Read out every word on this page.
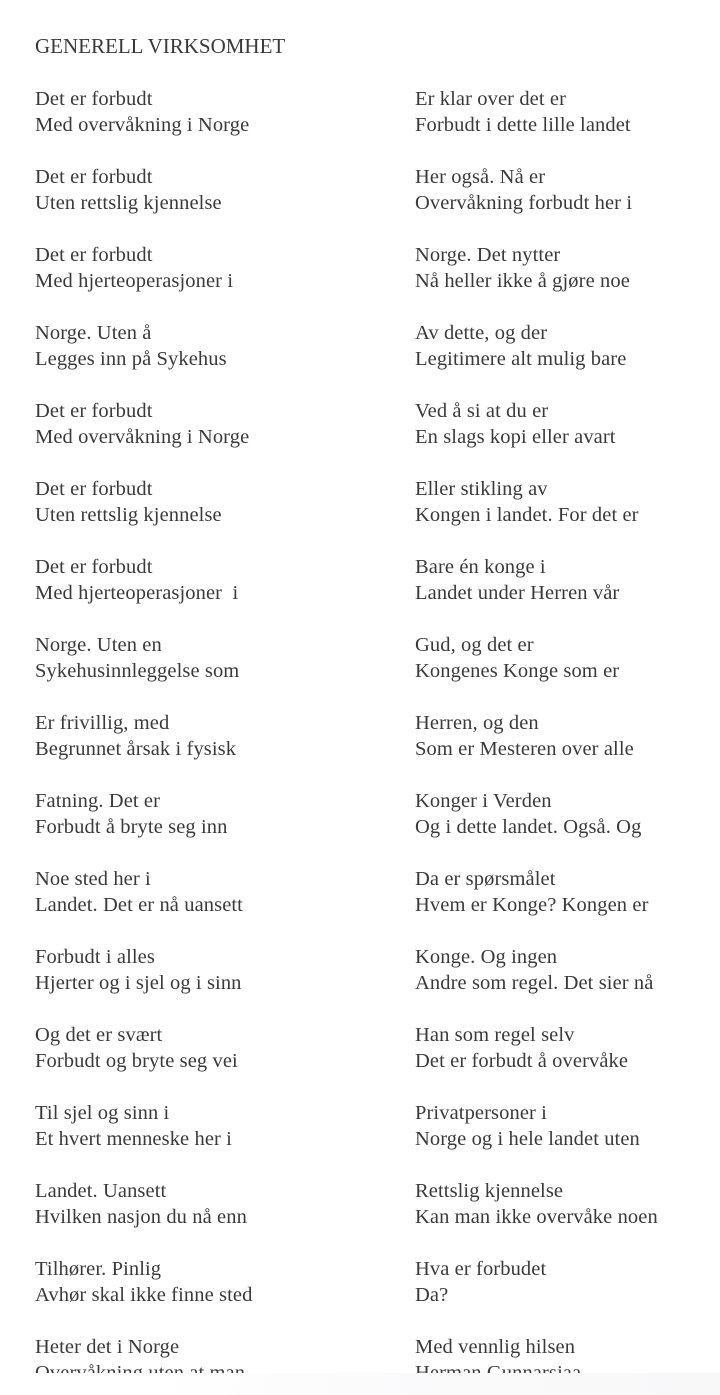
GENERELL VIRKSOMHET
Det er forbudt
Med overvåkning i Norge
Det er forbudt
Uten rettslig kjennelse
Det er forbudt
Med hjerteoperasjoner i
Norge. Uten å
Legges inn på Sykehus
Det er forbudt
Med overvåkning i Norge
Det er forbudt
Uten rettslig kjennelse
Det er forbudt
Med hjerteoperasjoner  i
Norge. Uten en
Sykehusinnleggelse som
Er frivillig, med
Begrunnet årsak i fysisk
Fatning. Det er
Forbudt å bryte seg inn
Noe sted her i
Landet. Det er nå uansett
Forbudt i alles
Hjerter og i sjel og i sinn
Og det er svært
Forbudt og bryte seg vei
Til sjel og sinn i
Et hvert menneske her i
Landet. Uansett
Hvilken nasjon du nå enn
Tilhører. Pinlig
Avhør skal ikke finne sted
Heter det i Norge
Er klar over det er
Forbudt i dette lille landet
Her også. Nå er
Overvåkning forbudt her i
Norge. Det nytter
Nå heller ikke å gjøre noe
Av dette, og der
Legitimere alt mulig bare
Ved å si at du er
En slags kopi eller avart
Eller stikling av
Kongen i landet. For det er
Bare én konge i
Landet under Herren vår
Gud, og det er
Kongenes Konge som er
Herren, og den
Som er Mesteren over alle
Konger i Verden
Og i dette landet. Også. Og
Da er spørsmålet
Hvem er Konge? Kongen er
Konge. Og ingen
Andre som regel. Det sier nå
Han som regel selv
Det er forbudt å overvåke
Privatpersoner i
Norge og i hele landet uten
Rettslig kjennelse
Kan man ikke overvåke noen
Hva er forbudet
Da?
Med vennlig hilsen
